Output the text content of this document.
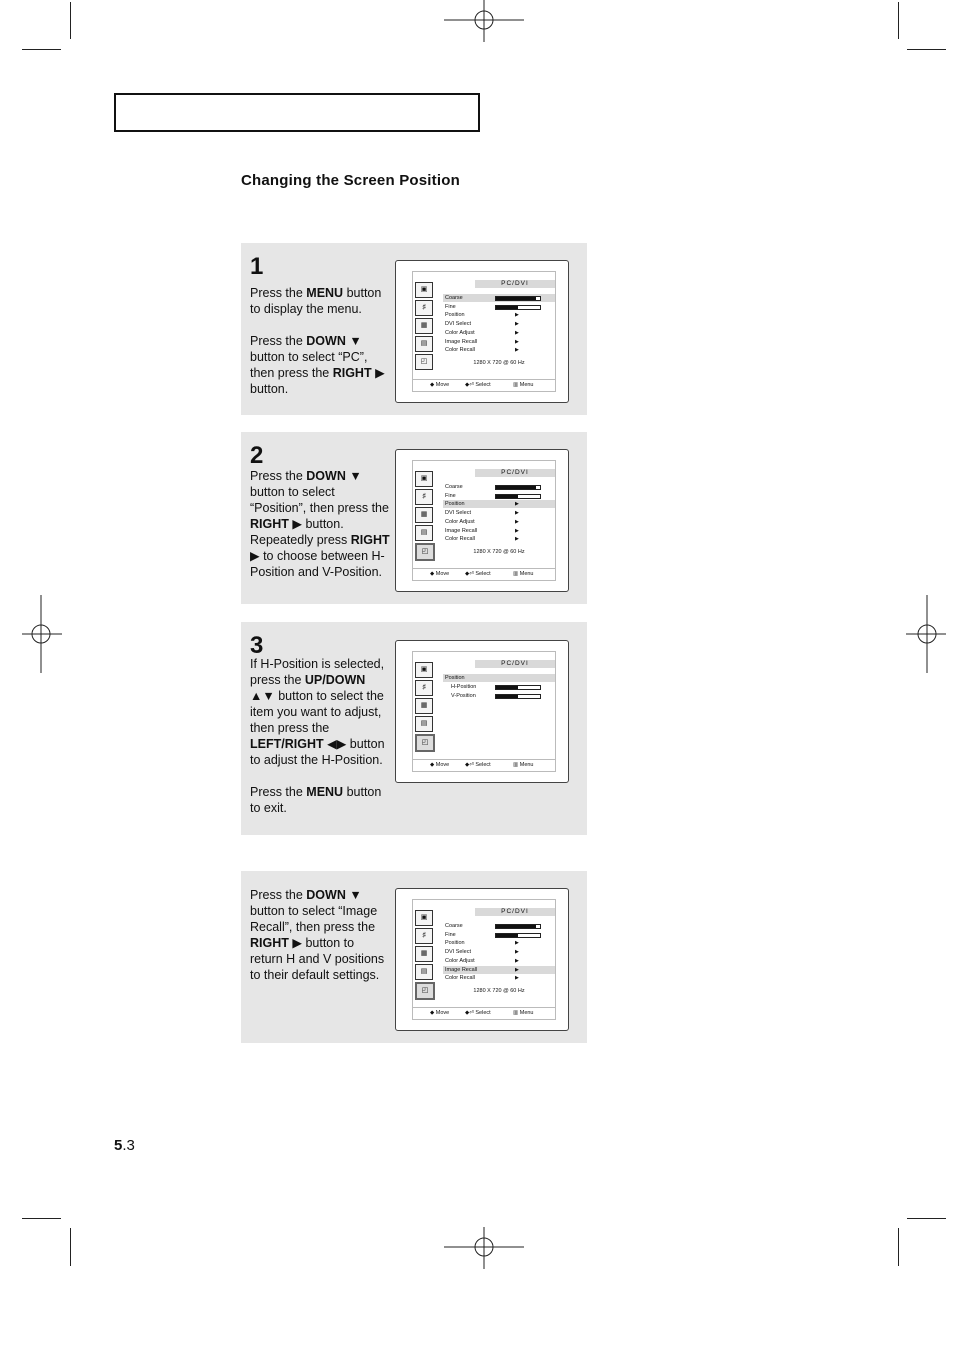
Changing the Screen Position
1

Press the MENU button to display the menu.

Press the DOWN ▼ button to select “PC”, then press the RIGHT ▶ button.

▣
♯
▦
▤
◰
PC/DVI
Coarse
Fine
Position	▶
DVI Select	▶
Color Adjust	▶
Image Recall	▶
Color Recall	▶
1280 X 720 @ 60 Hz
◆ Move	◆⏎ Select	▥ Menu
2

Press the DOWN ▼ button to select “Position”, then press the RIGHT ▶ button. Repeatedly press RIGHT ▶ to choose between H-Position and V-Position.

▣
♯
▦
▤
◰
PC/DVI
Coarse
Fine
Position	▶
DVI Select	▶
Color Adjust	▶
Image Recall	▶
Color Recall	▶
1280 X 720 @ 60 Hz
◆ Move	◆⏎ Select	▥ Menu
3

If H-Position is selected, press the UP/DOWN ▲▼ button to select the item you want to adjust, then press the LEFT/RIGHT ◀▶ button to adjust the H-Position.

Press the MENU button to exit.

▣
♯
▦
▤
◰
PC/DVI
Position
H-Position
V-Position
◆ Move	◆⏎ Select	▥ Menu

Press the DOWN ▼ button to select “Image Recall”, then press the RIGHT ▶ button to return H and V positions to their default settings.

▣
♯
▦
▤
◰
PC/DVI
Coarse
Fine
Position	▶
DVI Select	▶
Color Adjust	▶
Image Recall	▶
Color Recall	▶
1280 X 720 @ 60 Hz
◆ Move	◆⏎ Select	▥ Menu
5.3
